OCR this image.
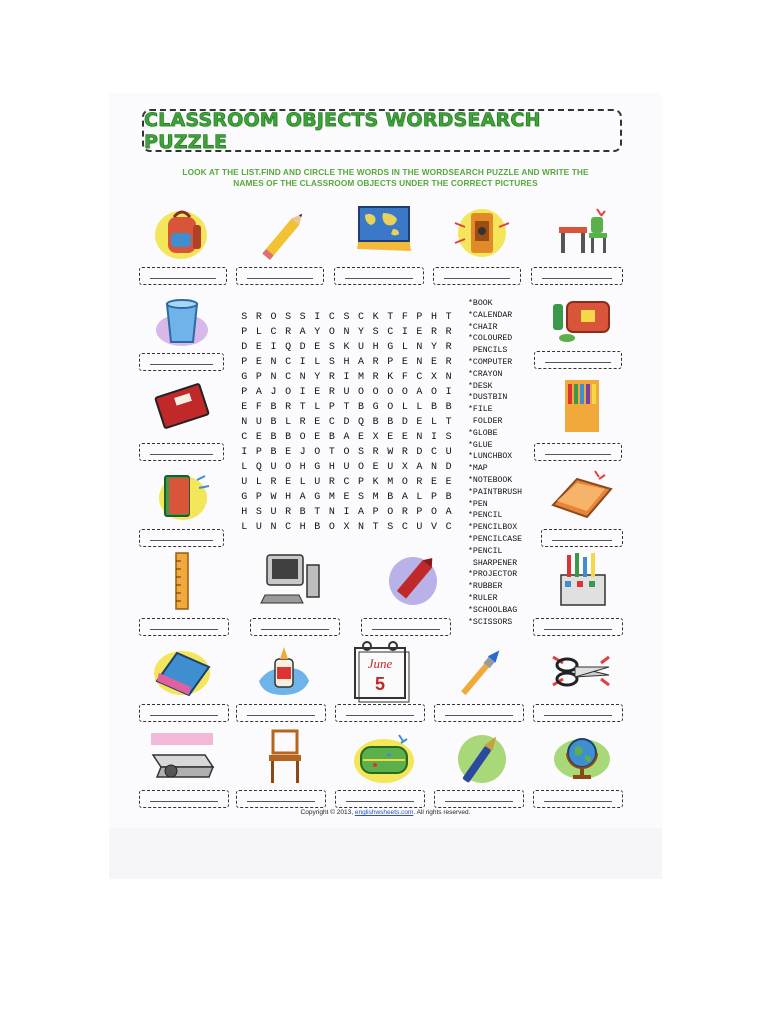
CLASSROOM OBJECTS WORDSEARCH PUZZLE
LOOK AT THE LIST.FIND AND CIRCLE THE WORDS IN THE WORDSEARCH PUZZLE AND WRITE THE
NAMES OF THE CLASSROOM OBJECTS UNDER THE CORRECT PICTURES
S R O S S I C S C K T F P H T
P L C R A Y O N Y S C I E R R
D E I Q D E S K U H G L N Y R
P E N C I L S H A R P E N E R
G P N C N Y R I M R K F C X N
P A J O I E R U O O O O A O I
E F B R T L P T B G O L L B B
N U B L R E C D Q B B D E L T
C E B B O E B A E X E E N I S
I P B E J O T O S R W R D C U
L Q U O H G H U O E U X A N D
U L R E L U R C P K M O R E E
G P W H A G M E S M B A L P B
H S U R B T N I A P O R P O A
L U N C H B O X N T S C U V C
*BOOK
*CALENDAR
*CHAIR
*COLOURED
PENCILS
*COMPUTER
*CRAYON
*DESK
*DUSTBIN
*FILE
FOLDER
*GLOBE
*GLUE
*LUNCHBOX
*MAP
*NOTEBOOK
*PAINTBRUSH
*PEN
*PENCIL
*PENCILBOX
*PENCILCASE
*PENCIL
SHARPENER
*PROJECTOR
*RUBBER
*RULER
*SCHOOLBAG
*SCISSORS
June
5
Copyright © 2013, englishwsheets.com. All rights reserved.
